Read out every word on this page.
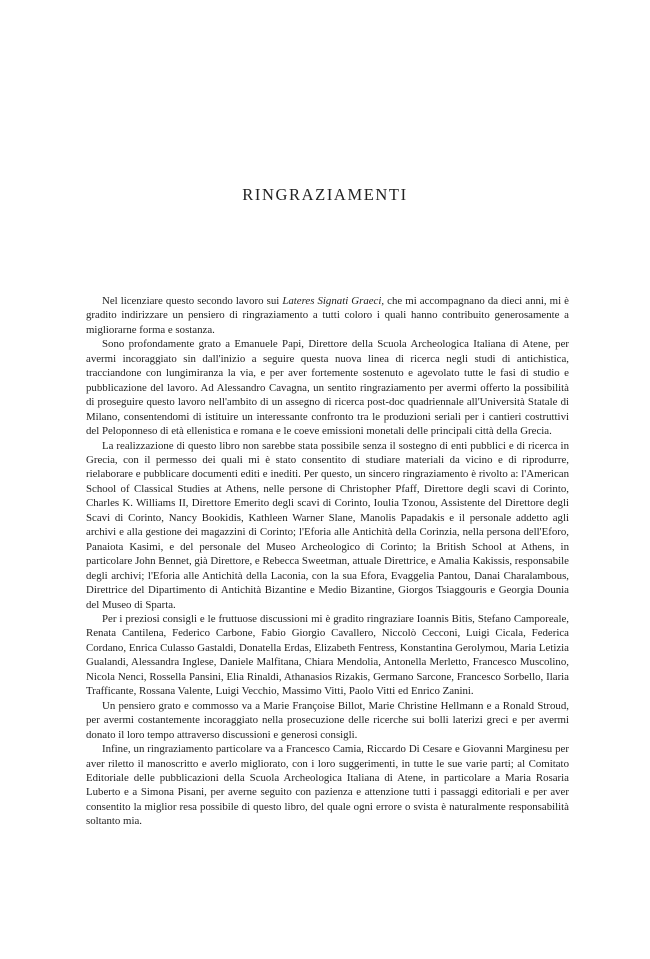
RINGRAZIAMENTI

Nel licenziare questo secondo lavoro sui Lateres Signati Graeci, che mi accompagnano da dieci anni, mi è gradito indirizzare un pensiero di ringraziamento a tutti coloro i quali hanno contribuito generosamente a migliorarne forma e sostanza.

Sono profondamente grato a Emanuele Papi, Direttore della Scuola Archeologica Italiana di Atene, per avermi incoraggiato sin dall'inizio a seguire questa nuova linea di ricerca negli studi di antichistica, tracciandone con lungimiranza la via, e per aver fortemente sostenuto e agevolato tutte le fasi di studio e pubblicazione del lavoro. Ad Alessandro Cavagna, un sentito ringraziamento per avermi offerto la possibilità di proseguire questo lavoro nell'ambito di un assegno di ricerca post-doc quadriennale all'Università Statale di Milano, consentendomi di istituire un interessante confronto tra le produzioni seriali per i cantieri costruttivi del Peloponneso di età ellenistica e romana e le coeve emissioni monetali delle principali città della Grecia.

La realizzazione di questo libro non sarebbe stata possibile senza il sostegno di enti pubblici e di ricerca in Grecia, con il permesso dei quali mi è stato consentito di studiare materiali da vicino e di riprodurre, rielaborare e pubblicare documenti editi e inediti. Per questo, un sincero ringraziamento è rivolto a: l'American School of Classical Studies at Athens, nelle persone di Christopher Pfaff, Direttore degli scavi di Corinto, Charles K. Williams II, Direttore Emerito degli scavi di Corinto, Ioulia Tzonou, Assistente del Direttore degli Scavi di Corinto, Nancy Bookidis, Kathleen Warner Slane, Manolis Papadakis e il personale addetto agli archivi e alla gestione dei magazzini di Corinto; l'Eforia alle Antichità della Corinzia, nella persona dell'Eforo, Panaiota Kasimi, e del personale del Museo Archeologico di Corinto; la British School at Athens, in particolare John Bennet, già Direttore, e Rebecca Sweetman, attuale Direttrice, e Amalia Kakissis, responsabile degli archivi; l'Eforia alle Antichità della Laconia, con la sua Efora, Evaggelia Pantou, Danai Charalambous, Direttrice del Dipartimento di Antichità Bizantine e Medio Bizantine, Giorgos Tsiaggouris e Georgia Dounia del Museo di Sparta.

Per i preziosi consigli e le fruttuose discussioni mi è gradito ringraziare Ioannis Bitis, Stefano Camporeale, Renata Cantilena, Federico Carbone, Fabio Giorgio Cavallero, Niccolò Cecconi, Luigi Cicala, Federica Cordano, Enrica Culasso Gastaldi, Donatella Erdas, Elizabeth Fentress, Konstantina Gerolymou, Maria Letizia Gualandi, Alessandra Inglese, Daniele Malfitana, Chiara Mendolia, Antonella Merletto, Francesco Muscolino, Nicola Nenci, Rossella Pansini, Elia Rinaldi, Athanasios Rizakis, Germano Sarcone, Francesco Sorbello, Ilaria Trafficante, Rossana Valente, Luigi Vecchio, Massimo Vitti, Paolo Vitti ed Enrico Zanini.

Un pensiero grato e commosso va a Marie Françoise Billot, Marie Christine Hellmann e a Ronald Stroud, per avermi costantemente incoraggiato nella prosecuzione delle ricerche sui bolli laterizi greci e per avermi donato il loro tempo attraverso discussioni e generosi consigli.

Infine, un ringraziamento particolare va a Francesco Camia, Riccardo Di Cesare e Giovanni Marginesu per aver riletto il manoscritto e averlo migliorato, con i loro suggerimenti, in tutte le sue varie parti; al Comitato Editoriale delle pubblicazioni della Scuola Archeologica Italiana di Atene, in particolare a Maria Rosaria Luberto e a Simona Pisani, per averne seguito con pazienza e attenzione tutti i passaggi editoriali e per aver consentito la miglior resa possibile di questo libro, del quale ogni errore o svista è naturalmente responsabilità soltanto mia.
